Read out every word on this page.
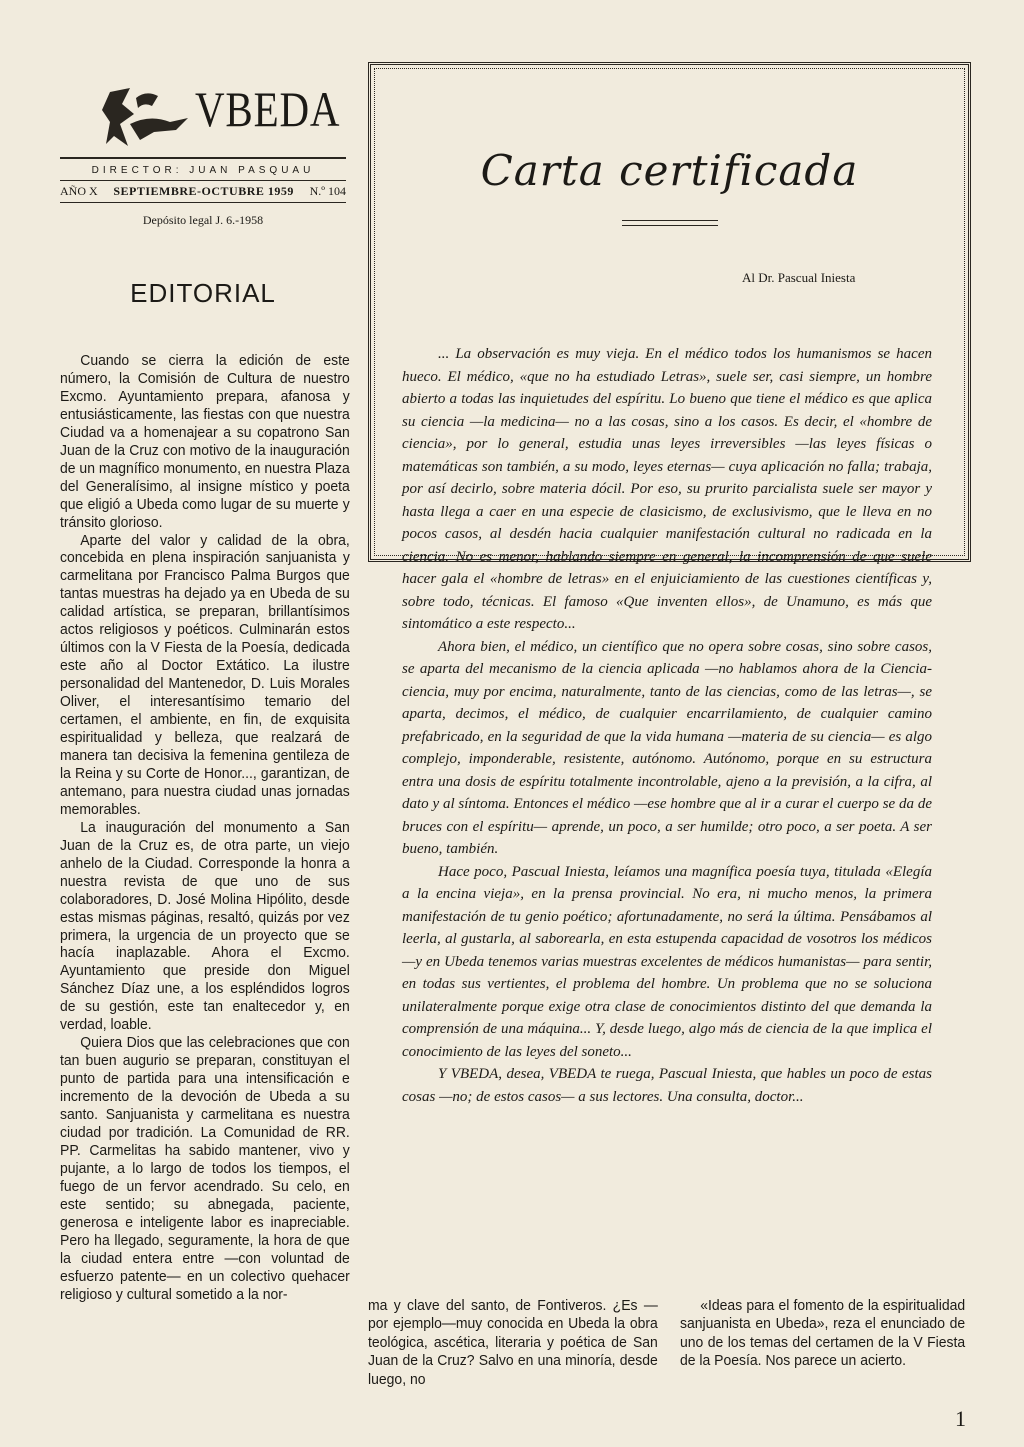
VBEDA
DIRECTOR: JUAN PASQUAU
AÑO X SEPTIEMBRE-OCTUBRE 1959 N.º 104
Depósito legal J. 6.-1958
EDITORIAL

Cuando se cierra la edición de este número, la Comisión de Cultura de nuestro Excmo. Ayuntamiento prepara, afanosa y entusiásticamente, las fiestas con que nuestra Ciudad va a homenajear a su copatrono San Juan de la Cruz con motivo de la inauguración de un magnífico monumento, en nuestra Plaza del Generalísimo, al insigne místico y poeta que eligió a Ubeda como lugar de su muerte y tránsito glorioso.

Aparte del valor y calidad de la obra, concebida en plena inspiración sanjuanista y carmelitana por Francisco Palma Burgos que tantas muestras ha dejado ya en Ubeda de su calidad artística, se preparan, brillantísimos actos religiosos y poéticos. Culminarán estos últimos con la V Fiesta de la Poesía, dedicada este año al Doctor Extático. La ilustre personalidad del Mantenedor, D. Luis Morales Oliver, el interesantísimo temario del certamen, el ambiente, en fin, de exquisita espiritualidad y belleza, que realzará de manera tan decisiva la femenina gentileza de la Reina y su Corte de Honor..., garantizan, de antemano, para nuestra ciudad unas jornadas memorables.

La inauguración del monumento a San Juan de la Cruz es, de otra parte, un viejo anhelo de la Ciudad. Corresponde la honra a nuestra revista de que uno de sus colaboradores, D. José Molina Hipólito, desde estas mismas páginas, resaltó, quizás por vez primera, la urgencia de un proyecto que se hacía inaplazable. Ahora el Excmo. Ayuntamiento que preside don Miguel Sánchez Díaz une, a los espléndidos logros de su gestión, este tan enaltecedor y, en verdad, loable.

Quiera Dios que las celebraciones que con tan buen augurio se preparan, constituyan el punto de partida para una intensificación e incremento de la devoción de Ubeda a su santo. Sanjuanista y carmelitana es nuestra ciudad por tradición. La Comunidad de RR. PP. Carmelitas ha sabido mantener, vivo y pujante, a lo largo de todos los tiempos, el fuego de un fervor acendrado. Su celo, en este sentido; su abnegada, paciente, generosa e inteligente labor es inapreciable. Pero ha llegado, seguramente, la hora de que la ciudad entera entre —con voluntad de esfuerzo patente— en un colectivo quehacer religioso y cultural sometido a la nor-

Carta certificada
Al Dr. Pascual Iniesta

... La observación es muy vieja. En el médico todos los humanismos se hacen hueco. El médico, «que no ha estudiado Letras», suele ser, casi siempre, un hombre abierto a todas las inquietudes del espíritu. Lo bueno que tiene el médico es que aplica su ciencia —la medicina— no a las cosas, sino a los casos. Es decir, el «hombre de ciencia», por lo general, estudia unas leyes irreversibles —las leyes físicas o matemáticas son también, a su modo, leyes eternas— cuya aplicación no falla; trabaja, por así decirlo, sobre materia dócil. Por eso, su prurito parcialista suele ser mayor y hasta llega a caer en una especie de clasicismo, de exclusivismo, que le lleva en no pocos casos, al desdén hacia cualquier manifestación cultural no radicada en la ciencia. No es menor, hablando siempre en general, la incomprensión de que suele hacer gala el «hombre de letras» en el enjuiciamiento de las cuestiones científicas y, sobre todo, técnicas. El famoso «Que inventen ellos», de Unamuno, es más que sintomático a este respecto...

Ahora bien, el médico, un científico que no opera sobre cosas, sino sobre casos, se aparta del mecanismo de la ciencia aplicada —no hablamos ahora de la Ciencia-ciencia, muy por encima, naturalmente, tanto de las ciencias, como de las letras—, se aparta, decimos, el médico, de cualquier encarrilamiento, de cualquier camino prefabricado, en la seguridad de que la vida humana —materia de su ciencia— es algo complejo, imponderable, resistente, autónomo. Autónomo, porque en su estructura entra una dosis de espíritu totalmente incontrolable, ajeno a la previsión, a la cifra, al dato y al síntoma. Entonces el médico —ese hombre que al ir a curar el cuerpo se da de bruces con el espíritu— aprende, un poco, a ser humilde; otro poco, a ser poeta. A ser bueno, también.

Hace poco, Pascual Iniesta, leíamos una magnífica poesía tuya, titulada «Elegía a la encina vieja», en la prensa provincial. No era, ni mucho menos, la primera manifestación de tu genio poético; afortunadamente, no será la última. Pensábamos al leerla, al gustarla, al saborearla, en esta estupenda capacidad de vosotros los médicos —y en Ubeda tenemos varias muestras excelentes de médicos humanistas— para sentir, en todas sus vertientes, el problema del hombre. Un problema que no se soluciona unilateralmente porque exige otra clase de conocimientos distinto del que demanda la comprensión de una máquina... Y, desde luego, algo más de ciencia de la que implica el conocimiento de las leyes del soneto...

Y VBEDA, desea, VBEDA te ruega, Pascual Iniesta, que hables un poco de estas cosas —no; de estos casos— a sus lectores. Una consulta, doctor...

ma y clave del santo, de Fontiveros. ¿Es —por ejemplo—muy conocida en Ubeda la obra teológica, ascética, literaria y poética de San Juan de la Cruz? Salvo en una minoría, desde luego, no

«Ideas para el fomento de la espiritualidad sanjuanista en Ubeda», reza el enunciado de uno de los temas del certamen de la V Fiesta de la Poesía. Nos parece un acierto.

1
